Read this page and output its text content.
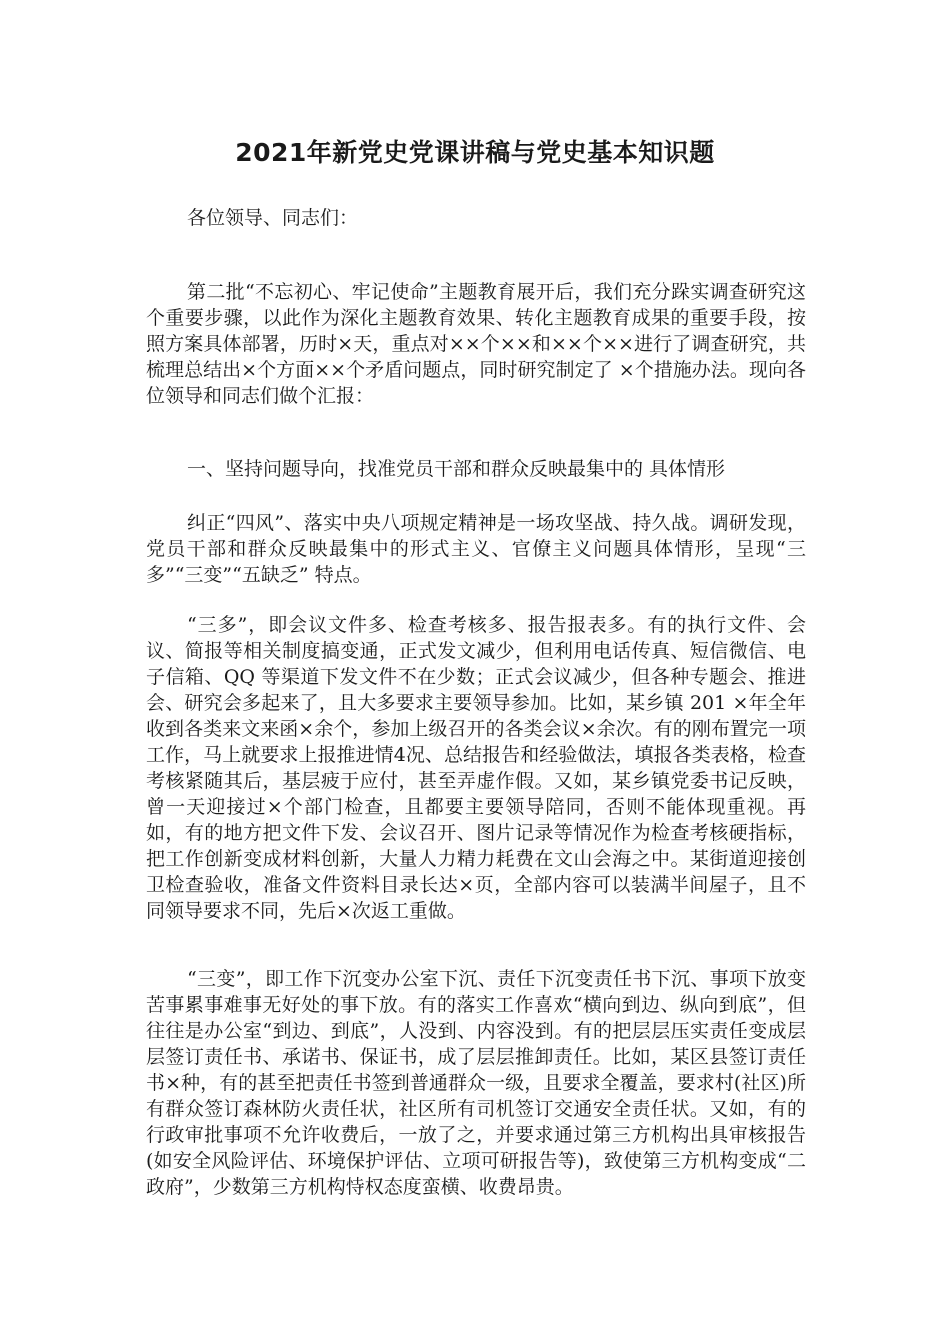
2021年新党史党课讲稿与党史基本知识题

各位领导、同志们：

第二批“不忘初心、牢记使命”主题教育展开后，我们充分跺实调查研究这个重要步骤，以此作为深化主题教育效果、转化主题教育成果的重要手段，按照方案具体部署，历时×天，重点对××个××和××个××进行了调查研究，共梳理总结出×个方面××个矛盾问题点，同时研究制定了 ×个措施办法。现向各位领导和同志们做个汇报：

一、坚持问题导向，找准党员干部和群众反映最集中的 具体情形

纠正“四风”、落实中央八项规定精神是一场攻坚战、持久战。调研发现，党员干部和群众反映最集中的形式主义、官僚主义问题具体情形，呈现“三多”“三变”“五缺乏” 特点。

“三多”，即会议文件多、检查考核多、报告报表多。有的执行文件、会议、简报等相关制度搞变通，正式发文减少，但利用电话传真、短信微信、电子信箱、QQ 等渠道下发文件不在少数；正式会议减少，但各种专题会、推进会、研究会多起来了，且大多要求主要领导参加。比如，某乡镇 201 ×年全年收到各类来文来函×余个，参加上级召开的各类会议×余次。有的刚布置完一项工作，马上就要求上报推进情4况、总结报告和经验做法，填报各类表格，检查考核紧随其后，基层疲于应付，甚至弄虚作假。又如，某乡镇党委书记反映，曾一天迎接过×个部门检查，且都要主要领导陪同，否则不能体现重视。再如，有的地方把文件下发、会议召开、图片记录等情况作为检查考核硬指标，把工作创新变成材料创新，大量人力精力耗费在文山会海之中。某街道迎接创卫检查验收，准备文件资料目录长达×页，全部内容可以装满半间屋子，且不同领导要求不同，先后×次返工重做。

“三变”，即工作下沉变办公室下沉、责任下沉变责任书下沉、事项下放变苦事累事难事无好处的事下放。有的落实工作喜欢“横向到边、纵向到底”，但往往是办公室“到边、到底”，人没到、内容没到。有的把层层压实责任变成层层签订责任书、承诺书、保证书，成了层层推卸责任。比如，某区县签订责任书×种，有的甚至把责任书签到普通群众一级，且要求全覆盖，要求村(社区)所有群众签订森林防火责任状，社区所有司机签订交通安全责任状。又如，有的行政审批事项不允许收费后，一放了之，并要求通过第三方机构出具审核报告(如安全风险评估、环境保护评估、立项可研报告等)，致使第三方机构变成“二政府”，少数第三方机构恃权态度蛮横、收费昂贵。
